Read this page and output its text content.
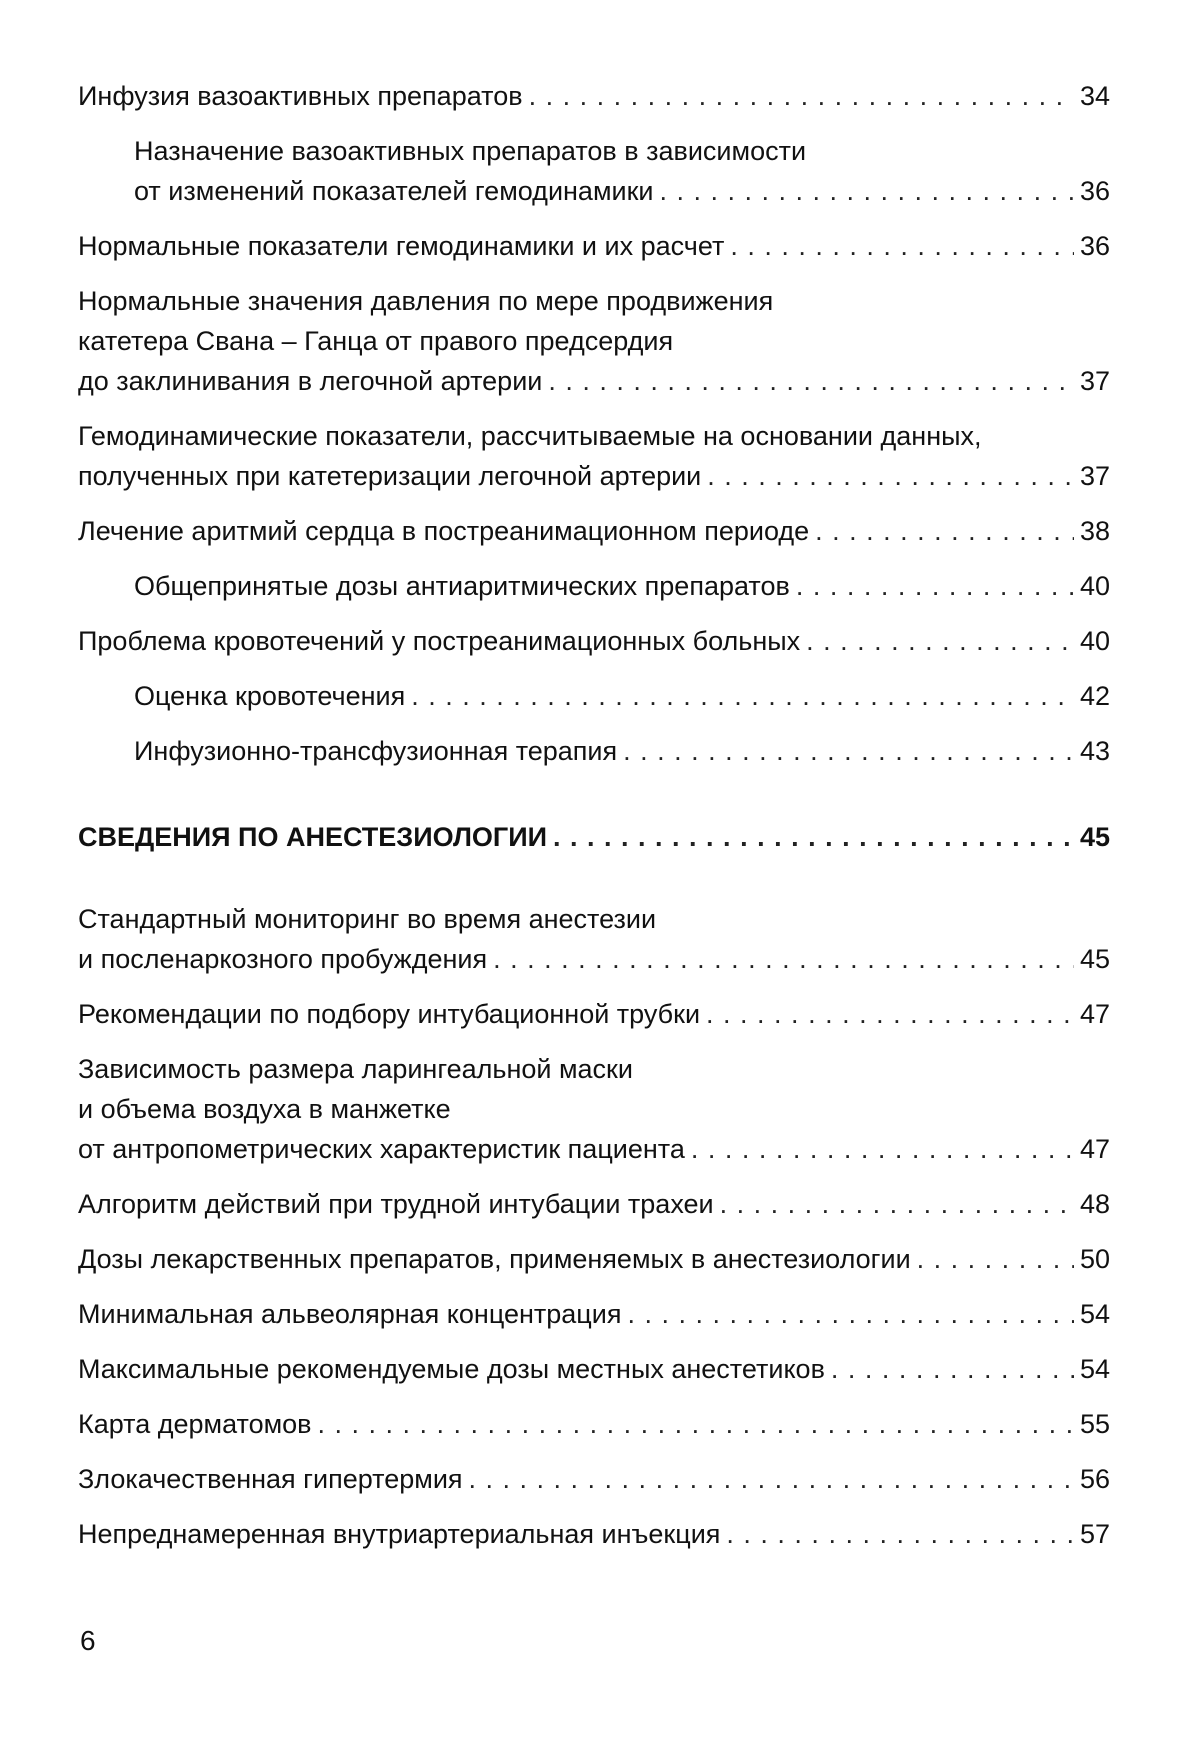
Инфузия вазоактивных препаратов . . .	34
Назначение вазоактивных препаратов в зависимости
от изменений показателей гемодинамики . . .	36
Нормальные показатели гемодинамики и их расчет . . .	36
Нормальные значения давления по мере продвижения
катетера Свана – Ганца от правого предсердия
до заклинивания в легочной артерии . . .	37
Гемодинамические показатели, рассчитываемые на основании данных,
полученных при катетеризации легочной артерии . . .	37
Лечение аритмий сердца в постреанимационном периоде . . .	38
Общепринятые дозы антиаритмических препаратов . . .	40
Проблема кровотечений у постреанимационных больных . . .	40
Оценка кровотечения . . .	42
Инфузионно-трансфузионная терапия . . .	43
СВЕДЕНИЯ ПО АНЕСТЕЗИОЛОГИИ . . .	45
Стандартный мониторинг во время анестезии
и посленаркозного пробуждения . . .	45
Рекомендации по подбору интубационной трубки . . .	47
Зависимость размера ларингеальной маски
и объема воздуха в манжетке
от антропометрических характеристик пациента . . .	47
Алгоритм действий при трудной интубации трахеи . . .	48
Дозы лекарственных препаратов, применяемых в анестезиологии . . .	50
Минимальная альвеолярная концентрация . . .	54
Максимальные рекомендуемые дозы местных анестетиков . . .	54
Карта дерматомов . . .	55
Злокачественная гипертермия . . .	56
Непреднамеренная внутриартериальная инъекция . . .	57
6
